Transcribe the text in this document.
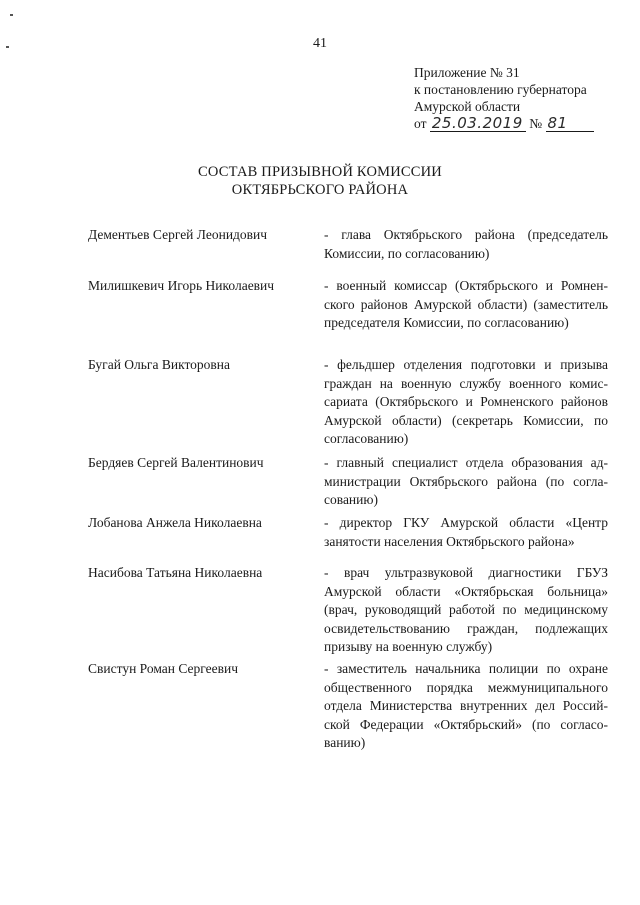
41
Приложение № 31
к постановлению губернатора
Амурской области
от 25.03.2019 № 81
СОСТАВ ПРИЗЫВНОЙ КОМИССИИ
ОКТЯБРЬСКОГО РАЙОНА
Дементьев Сергей Леонидович	- глава Октябрьского района (председатель Комиссии, по согласованию)
Милишкевич Игорь Николаевич	- военный комиссар (Октябрьского и Ромненского районов Амурской области) (заместитель председателя Комиссии, по согласованию)
Бугай Ольга Викторовна	- фельдшер отделения подготовки и призыва граждан на военную службу военного комиссариата (Октябрьского и Ромненского районов Амурской области) (секретарь Комиссии, по согласованию)
Бердяев Сергей Валентинович	- главный специалист отдела образования администрации Октябрьского района (по согласованию)
Лобанова Анжела Николаевна	- директор ГКУ Амурской области «Центр занятости населения Октябрьского района»
Насибова Татьяна Николаевна	- врач ультразвуковой диагностики ГБУЗ Амурской области «Октябрьская больница» (врач, руководящий работой по медицинскому освидетельствованию граждан, подлежащих призыву на военную службу)
Свистун Роман Сергеевич	- заместитель начальника полиции по охране общественного порядка межмуниципального отдела Министерства внутренних дел Российской Федерации «Октябрьский» (по согласованию)
